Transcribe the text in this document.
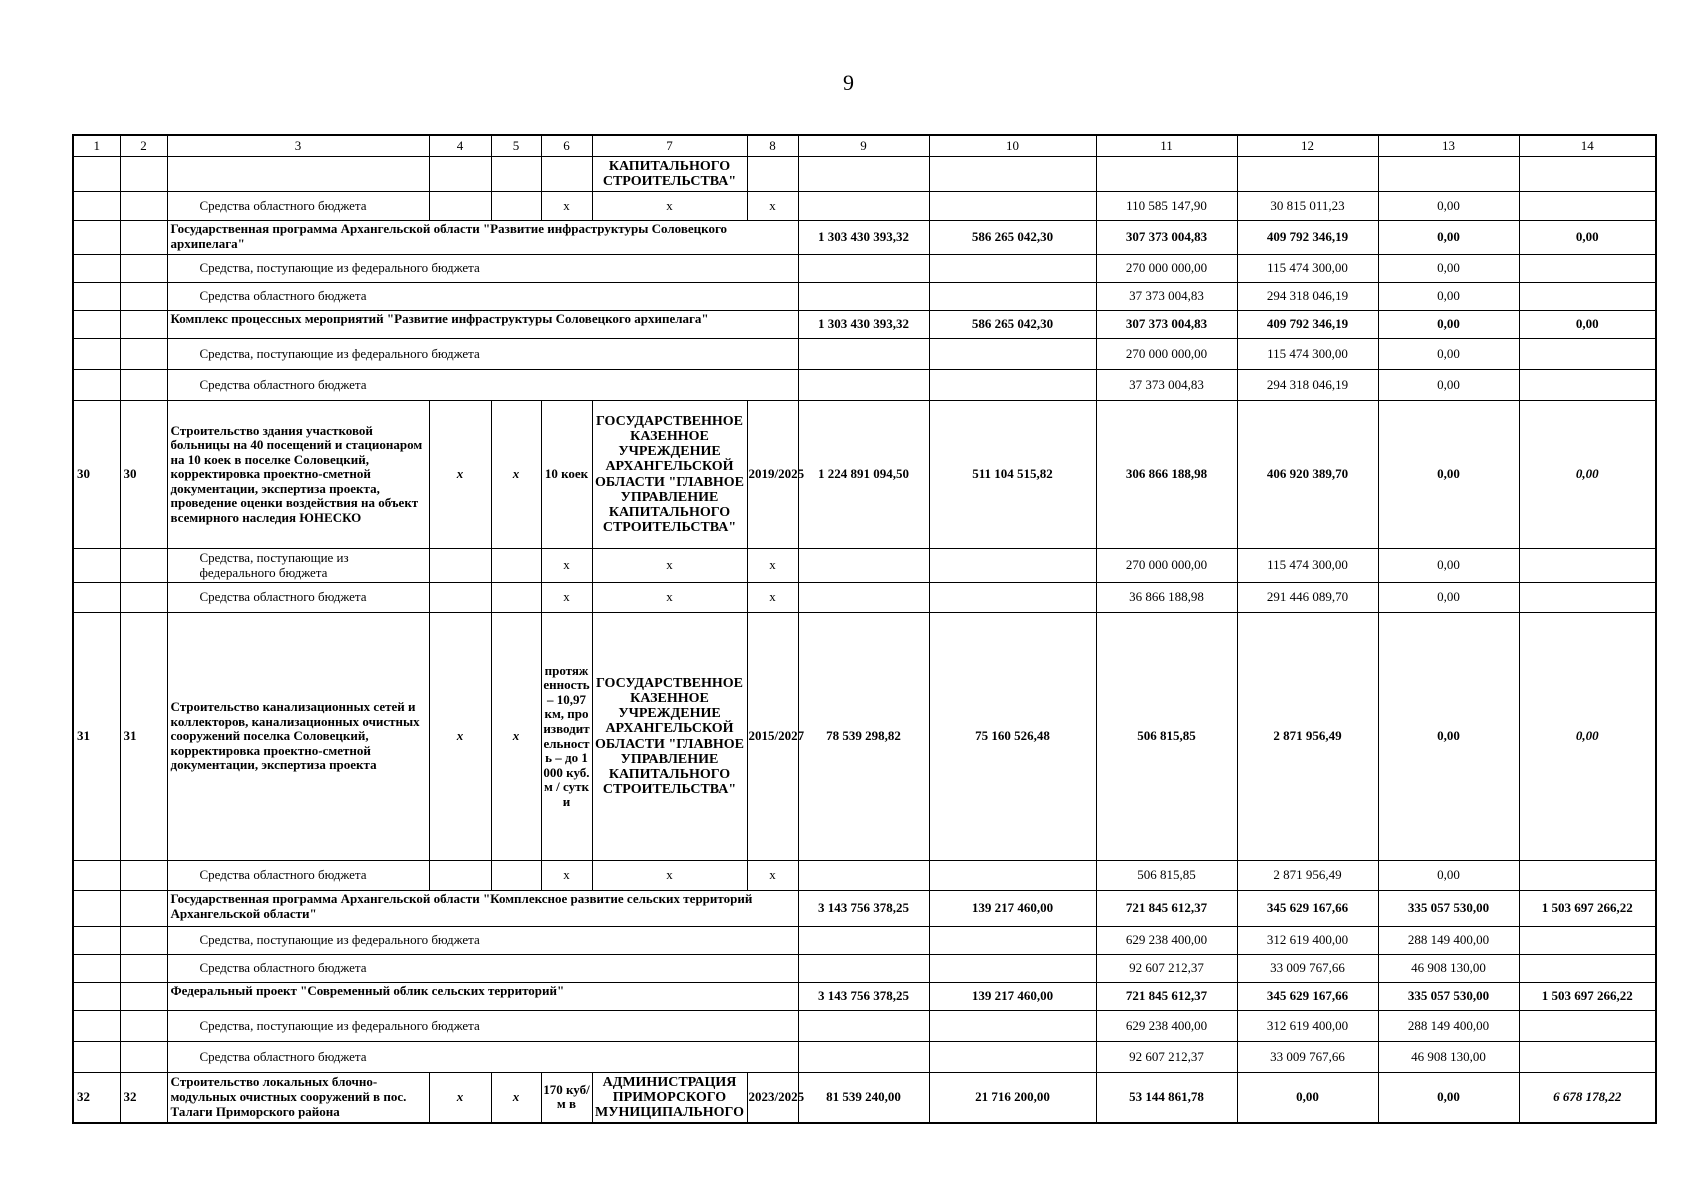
9
1	2	3	4	5	6	7	8	9	10	11	12	13	14
						КАПИТАЛЬНОГО СТРОИТЕЛЬСТВА"							
		Средства областного бюджета			х	х	х			110 585 147,90	30 815 011,23	0,00	
		Государственная программа Архангельской области "Развитие инфраструктуры Соловецкого архипелага"						1 303 430 393,32	586 265 042,30	307 373 004,83	409 792 346,19	0,00	0,00
		Средства, поступающие из федерального бюджета								270 000 000,00	115 474 300,00	0,00	
		Средства областного бюджета								37 373 004,83	294 318 046,19	0,00	
		Комплекс процессных мероприятий "Развитие инфраструктуры Соловецкого архипелага"						1 303 430 393,32	586 265 042,30	307 373 004,83	409 792 346,19	0,00	0,00
		Средства, поступающие из федерального бюджета								270 000 000,00	115 474 300,00	0,00	
		Средства областного бюджета								37 373 004,83	294 318 046,19	0,00	
30	30	Строительство здания участковой больницы на 40 посещений и стационаром на 10 коек в поселке Соловецкий, корректировка проектно-сметной документации, экспертиза проекта, проведение оценки воздействия на объект всемирного наследия ЮНЕСКО	х	х	10 коек	ГОСУДАРСТВЕННОЕ КАЗЕННОЕ УЧРЕЖДЕНИЕ АРХАНГЕЛЬСКОЙ ОБЛАСТИ "ГЛАВНОЕ УПРАВЛЕНИЕ КАПИТАЛЬНОГО СТРОИТЕЛЬСТВА"	2019/2025	1 224 891 094,50	511 104 515,82	306 866 188,98	406 920 389,70	0,00	0,00
		Средства, поступающие из федерального бюджета			х	х	х			270 000 000,00	115 474 300,00	0,00	
		Средства областного бюджета			х	х	х			36 866 188,98	291 446 089,70	0,00	
31	31	Строительство канализационных сетей и коллекторов, канализационных очистных сооружений поселка Соловецкий, корректировка проектно-сметной документации, экспертиза проекта	х	х	протяженность – 10,97 км, производительность – до 1 000 куб. м / сутки	ГОСУДАРСТВЕННОЕ КАЗЕННОЕ УЧРЕЖДЕНИЕ АРХАНГЕЛЬСКОЙ ОБЛАСТИ "ГЛАВНОЕ УПРАВЛЕНИЕ КАПИТАЛЬНОГО СТРОИТЕЛЬСТВА"	2015/2027	78 539 298,82	75 160 526,48	506 815,85	2 871 956,49	0,00	0,00
		Средства областного бюджета			х	х	х			506 815,85	2 871 956,49	0,00	
		Государственная программа Архангельской области "Комплексное развитие сельских территорий Архангельской области"						3 143 756 378,25	139 217 460,00	721 845 612,37	345 629 167,66	335 057 530,00	1 503 697 266,22
		Средства, поступающие из федерального бюджета								629 238 400,00	312 619 400,00	288 149 400,00	
		Средства областного бюджета								92 607 212,37	33 009 767,66	46 908 130,00	
		Федеральный проект "Современный облик сельских территорий"						3 143 756 378,25	139 217 460,00	721 845 612,37	345 629 167,66	335 057 530,00	1 503 697 266,22
		Средства, поступающие из федерального бюджета								629 238 400,00	312 619 400,00	288 149 400,00	
		Средства областного бюджета								92 607 212,37	33 009 767,66	46 908 130,00	
32	32	Строительство локальных блочно-модульных очистных сооружений в пос. Талаги Приморского района	х	х	170 куб/м в	АДМИНИСТРАЦИЯ ПРИМОРСКОГО МУНИЦИПАЛЬНОГО	2023/2025	81 539 240,00	21 716 200,00	53 144 861,78	0,00	0,00	6 678 178,22
